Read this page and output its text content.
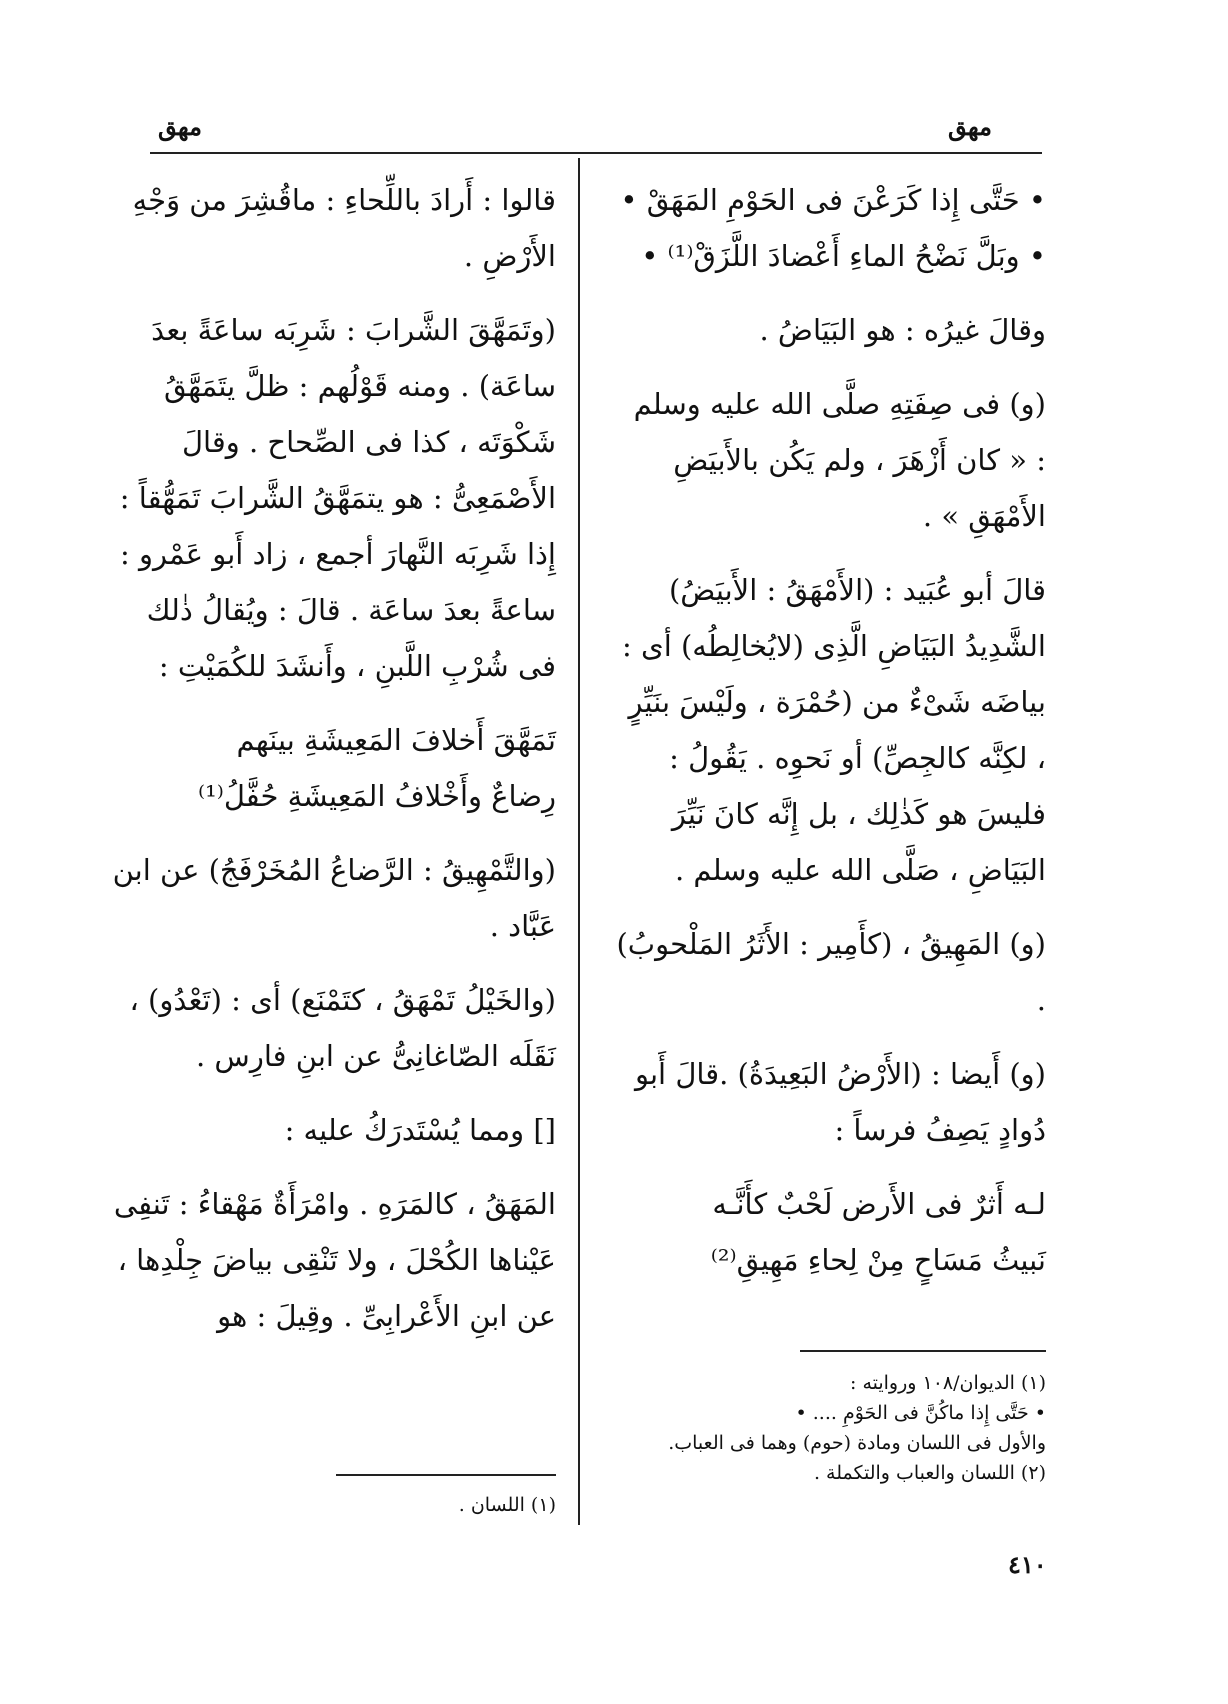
مهق	مهق

• حَتَّى إِذا كَرَعْنَ فى الحَوْمِ المَهَقْ •
• وبَلَّ نَضْحُ الماءِ أَعْضادَ اللَّزَقْ⁽¹⁾ •

وقالَ غيرُه : هو البَيَاضُ .

(و) فى صِفَتِهِ صلَّى الله عليه وسلم : « كان أَزْهَرَ ، ولم يَكُن بالأَبيَضِ الأَمْهَقِ » .

قالَ أبو عُبَيد : (الأَمْهَقُ : الأَبيَضُ) الشَّدِيدُ البَيَاضِ الَّذِى (لايُخالِطُه) أى : بياضَه شَىْءٌ من (حُمْرَة ، ولَيْسَ بنَيِّرٍ ، لكِنَّه كالجِصِّ) أو نَحوِه . يَقُولُ : فليسَ هو كَذٰلِك ، بل إِنَّه كانَ نَيِّرَ البَيَاضِ ، صَلَّى الله عليه وسلم .

(و) المَهِيقُ ، (كأَمِير : الأَثَرُ المَلْحوبُ) .

(و) أَيضا : (الأَرْضُ البَعِيدَةُ) .قالَ أَبو دُوادٍ يَصِفُ فرساً :

لـه أَثرٌ فى الأَرض لَحْبٌ كأَنَّـه
نَبيثُ مَسَاحٍ مِنْ لِحاءِ مَهِيقِ⁽²⁾

(١) الديوان/١٠٨ وروايته :
• حَتَّى إِذا ماكُنَّ فى الحَوْمِ .... •
والأول فى اللسان ومادة (حوم) وهما فى العباب.
(٢) اللسان والعباب والتكملة .

قالوا : أَرادَ باللِّحاءِ : ماقُشِرَ من وَجْهِ الأَرْضِ .

(وتَمَهَّقَ الشَّرابَ : شَرِبَه ساعَةً بعدَ ساعَة) . ومنه قَوْلُهم : ظلَّ يتَمَهَّقُ شَكْوَتَه ، كذا فى الصِّحاح . وقالَ الأَصْمَعِىُّ : هو يتمَهَّقُ الشَّرابَ تَمَهُّقاً : إِذا شَرِبَه النَّهارَ أجمع ، زاد أَبو عَمْرو : ساعةً بعدَ ساعَة . قالَ : ويُقالُ ذٰلك فى شُرْبِ اللَّبنِ ، وأَنشَدَ للكُمَيْتِ :

تَمَهَّقَ أَخلافَ المَعِيشَةِ بينَهم
رِضاعٌ وأَخْلافُ المَعِيشَةِ حُفَّلُ⁽¹⁾

(والتَّمْهِيقُ : الرَّضاعُ المُخَرْفَجُ) عن ابن عَبَّاد .

(والخَيْلُ تَمْهَقُ ، كتَمْنَع) أى : (تَعْدُو) ، نَقَلَه الصّاغانِىُّ عن ابنِ فارِس .

[] ومما يُسْتَدرَكُ عليه :

المَهَقُ ، كالمَرَهِ . وامْرَأَةٌ مَهْقاءُ : تَنفِى عَيْناها الكُحْلَ ، ولا تَنْقِى بياضَ جِلْدِها ، عن ابنِ الأَعْرابِىِّ . وقِيلَ : هو

(١) اللسان .
٤١٠
